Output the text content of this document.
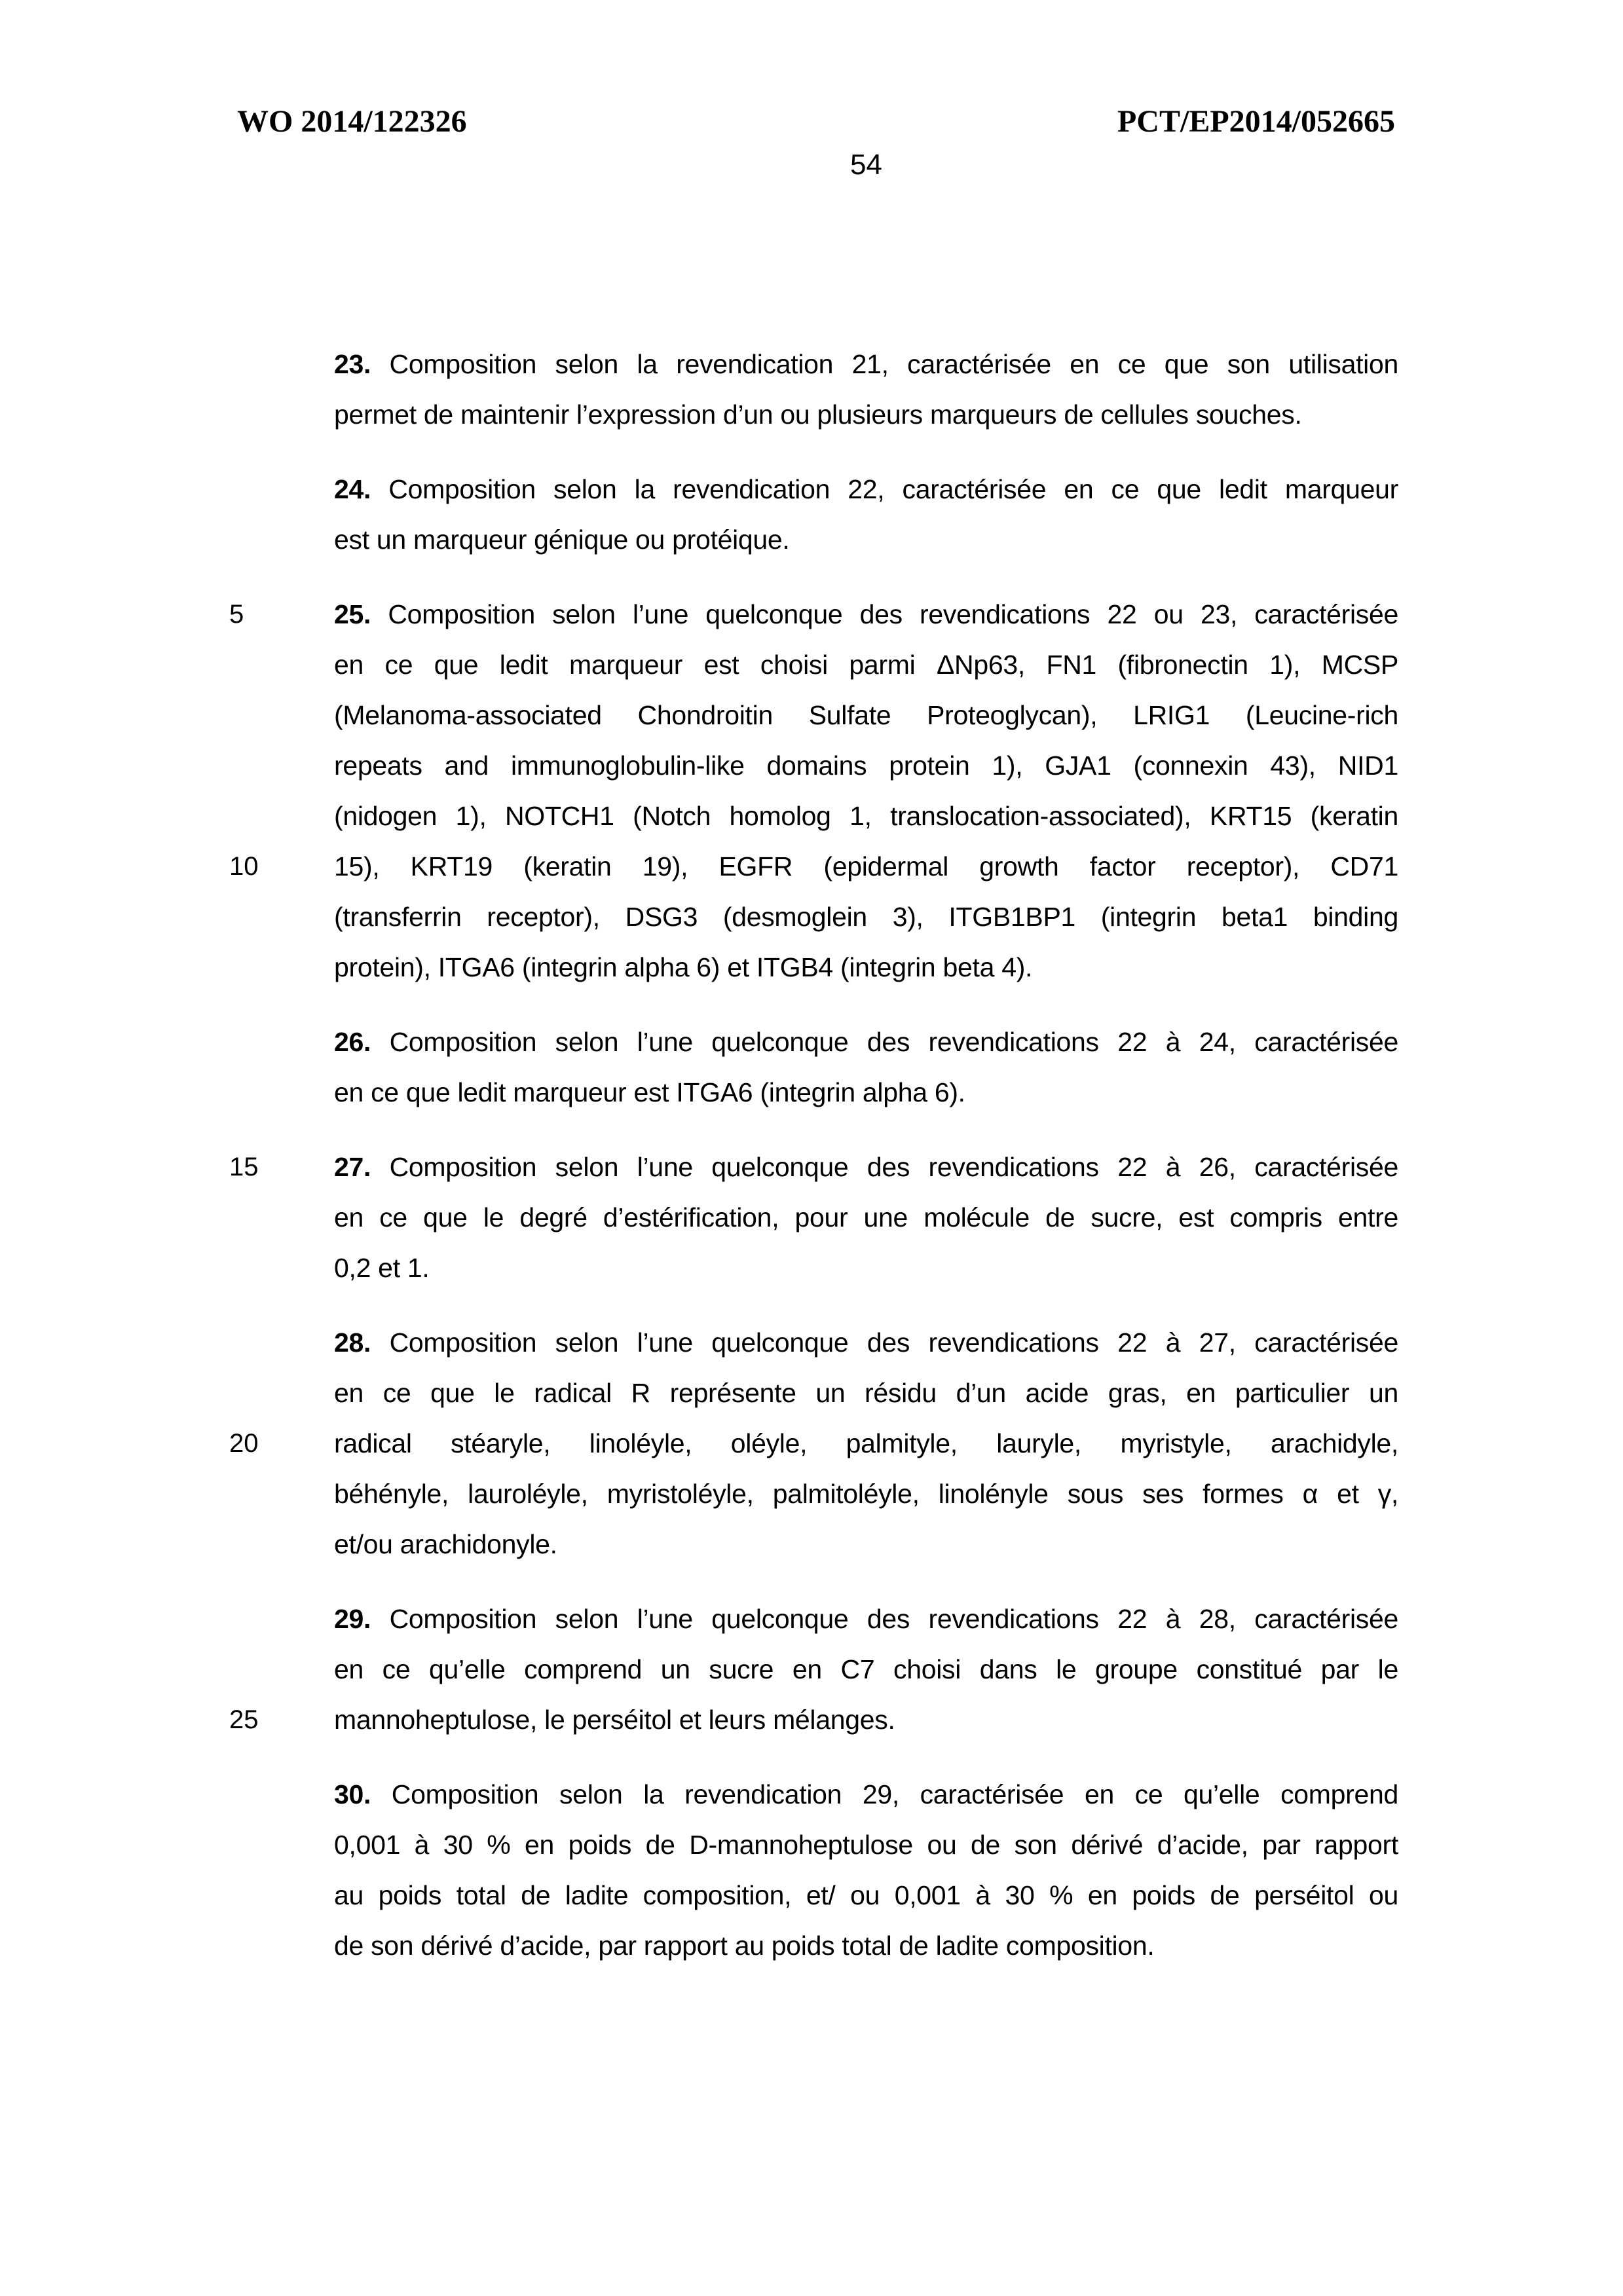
WO 2014/122326	PCT/EP2014/052665
54
23. Composition selon la revendication 21, caractérisée en ce que son utilisation
permet de maintenir l’expression d’un ou plusieurs marqueurs de cellules souches.
24. Composition selon la revendication 22, caractérisée en ce que ledit marqueur
est un marqueur génique ou protéique.
5	25. Composition selon l’une quelconque des revendications 22 ou 23, caractérisée
en ce que ledit marqueur est choisi parmi ΔNp63, FN1 (fibronectin 1), MCSP
(Melanoma-associated Chondroitin Sulfate Proteoglycan), LRIG1 (Leucine-rich
repeats and immunoglobulin-like domains protein 1), GJA1 (connexin 43), NID1
(nidogen 1), NOTCH1 (Notch homolog 1, translocation-associated), KRT15 (keratin
10	15), KRT19 (keratin 19), EGFR (epidermal growth factor receptor), CD71
(transferrin receptor), DSG3 (desmoglein 3), ITGB1BP1 (integrin beta1 binding
protein), ITGA6 (integrin alpha 6) et ITGB4 (integrin beta 4).
26. Composition selon l’une quelconque des revendications 22 à 24, caractérisée
en ce que ledit marqueur est ITGA6 (integrin alpha 6).
15	27. Composition selon l’une quelconque des revendications 22 à 26, caractérisée
en ce que le degré d’estérification, pour une molécule de sucre, est compris entre
0,2 et 1.
28. Composition selon l’une quelconque des revendications 22 à 27, caractérisée
en ce que le radical R représente un résidu d’un acide gras, en particulier un
20	radical stéaryle, linoléyle, oléyle, palmityle, lauryle, myristyle, arachidyle,
béhényle, lauroléyle, myristoléyle, palmitoléyle, linolényle sous ses formes α et γ,
et/ou arachidonyle.
29. Composition selon l’une quelconque des revendications 22 à 28, caractérisée
en ce qu’elle comprend un sucre en C7 choisi dans le groupe constitué par le
25	mannoheptulose, le perséitol et leurs mélanges.
30. Composition selon la revendication 29, caractérisée en ce qu’elle comprend
0,001 à 30 % en poids de D-mannoheptulose ou de son dérivé d’acide, par rapport
au poids total de ladite composition, et/ ou 0,001 à 30 % en poids de perséitol ou
de son dérivé d’acide, par rapport au poids total de ladite composition.
